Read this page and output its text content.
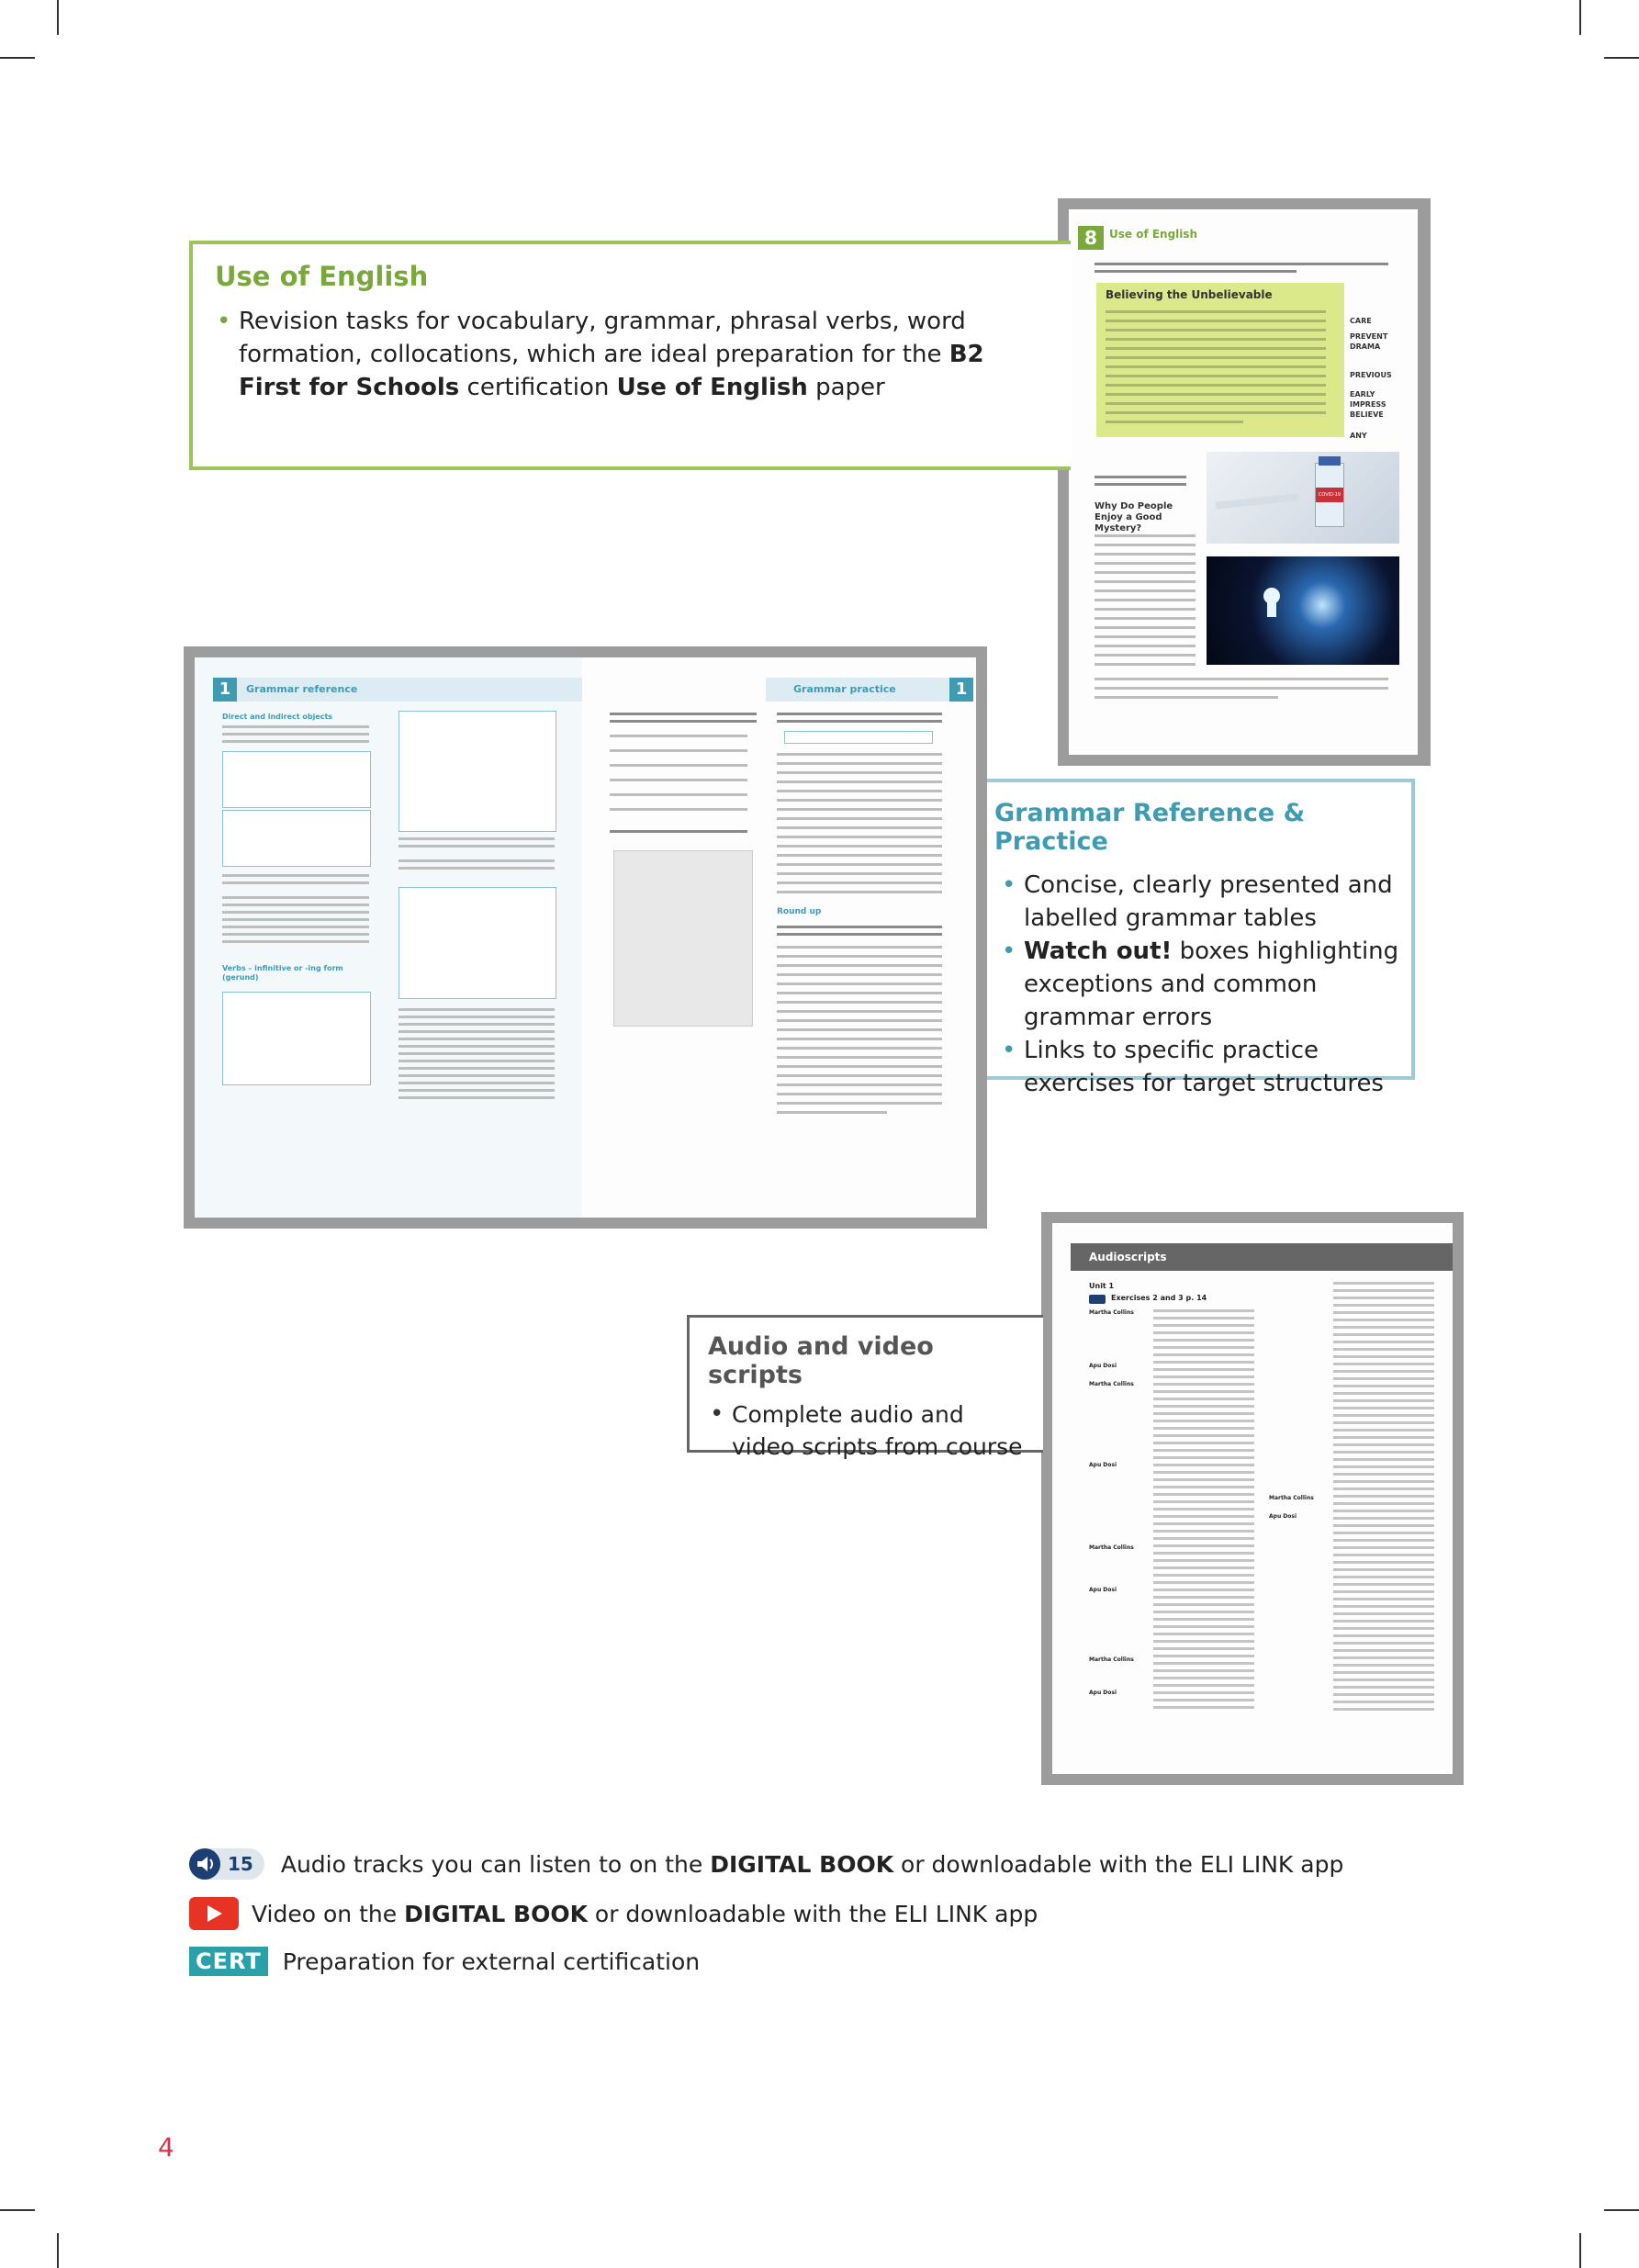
8	Use of English
Believing the Unbelievable
CARE
PREVENT
DRAMA
PREVIOUS
EARLY
IMPRESS
BELIEVE
ANY
Why Do People Enjoy a Good Mystery?
COVID-19
Use of English
• Revision tasks for vocabulary, grammar, phrasal verbs, word formation, collocations, which are ideal preparation for the B2 First for Schools certification Use of English paper
1	Grammar reference
Direct and indirect objects
Verbs – infinitive or -ing form (gerund)
Grammar practice	1
Round up
Grammar Reference & Practice
• Concise, clearly presented and labelled grammar tables
• Watch out! boxes highlighting exceptions and common grammar errors
• Links to specific practice exercises for target structures
Audioscripts
Unit 1
Exercises 2 and 3 p. 14
Martha Collins
Apu Dosi
Martha Collins
Apu Dosi
Martha Collins
Apu Dosi
Martha Collins
Apu Dosi
Martha Collins
Apu Dosi
Audio and video scripts
• Complete audio and video scripts from course
15 Audio tracks you can listen to on the DIGITAL BOOK or downloadable with the ELI LINK app
Video on the DIGITAL BOOK or downloadable with the ELI LINK app
CERT Preparation for external certification
4
